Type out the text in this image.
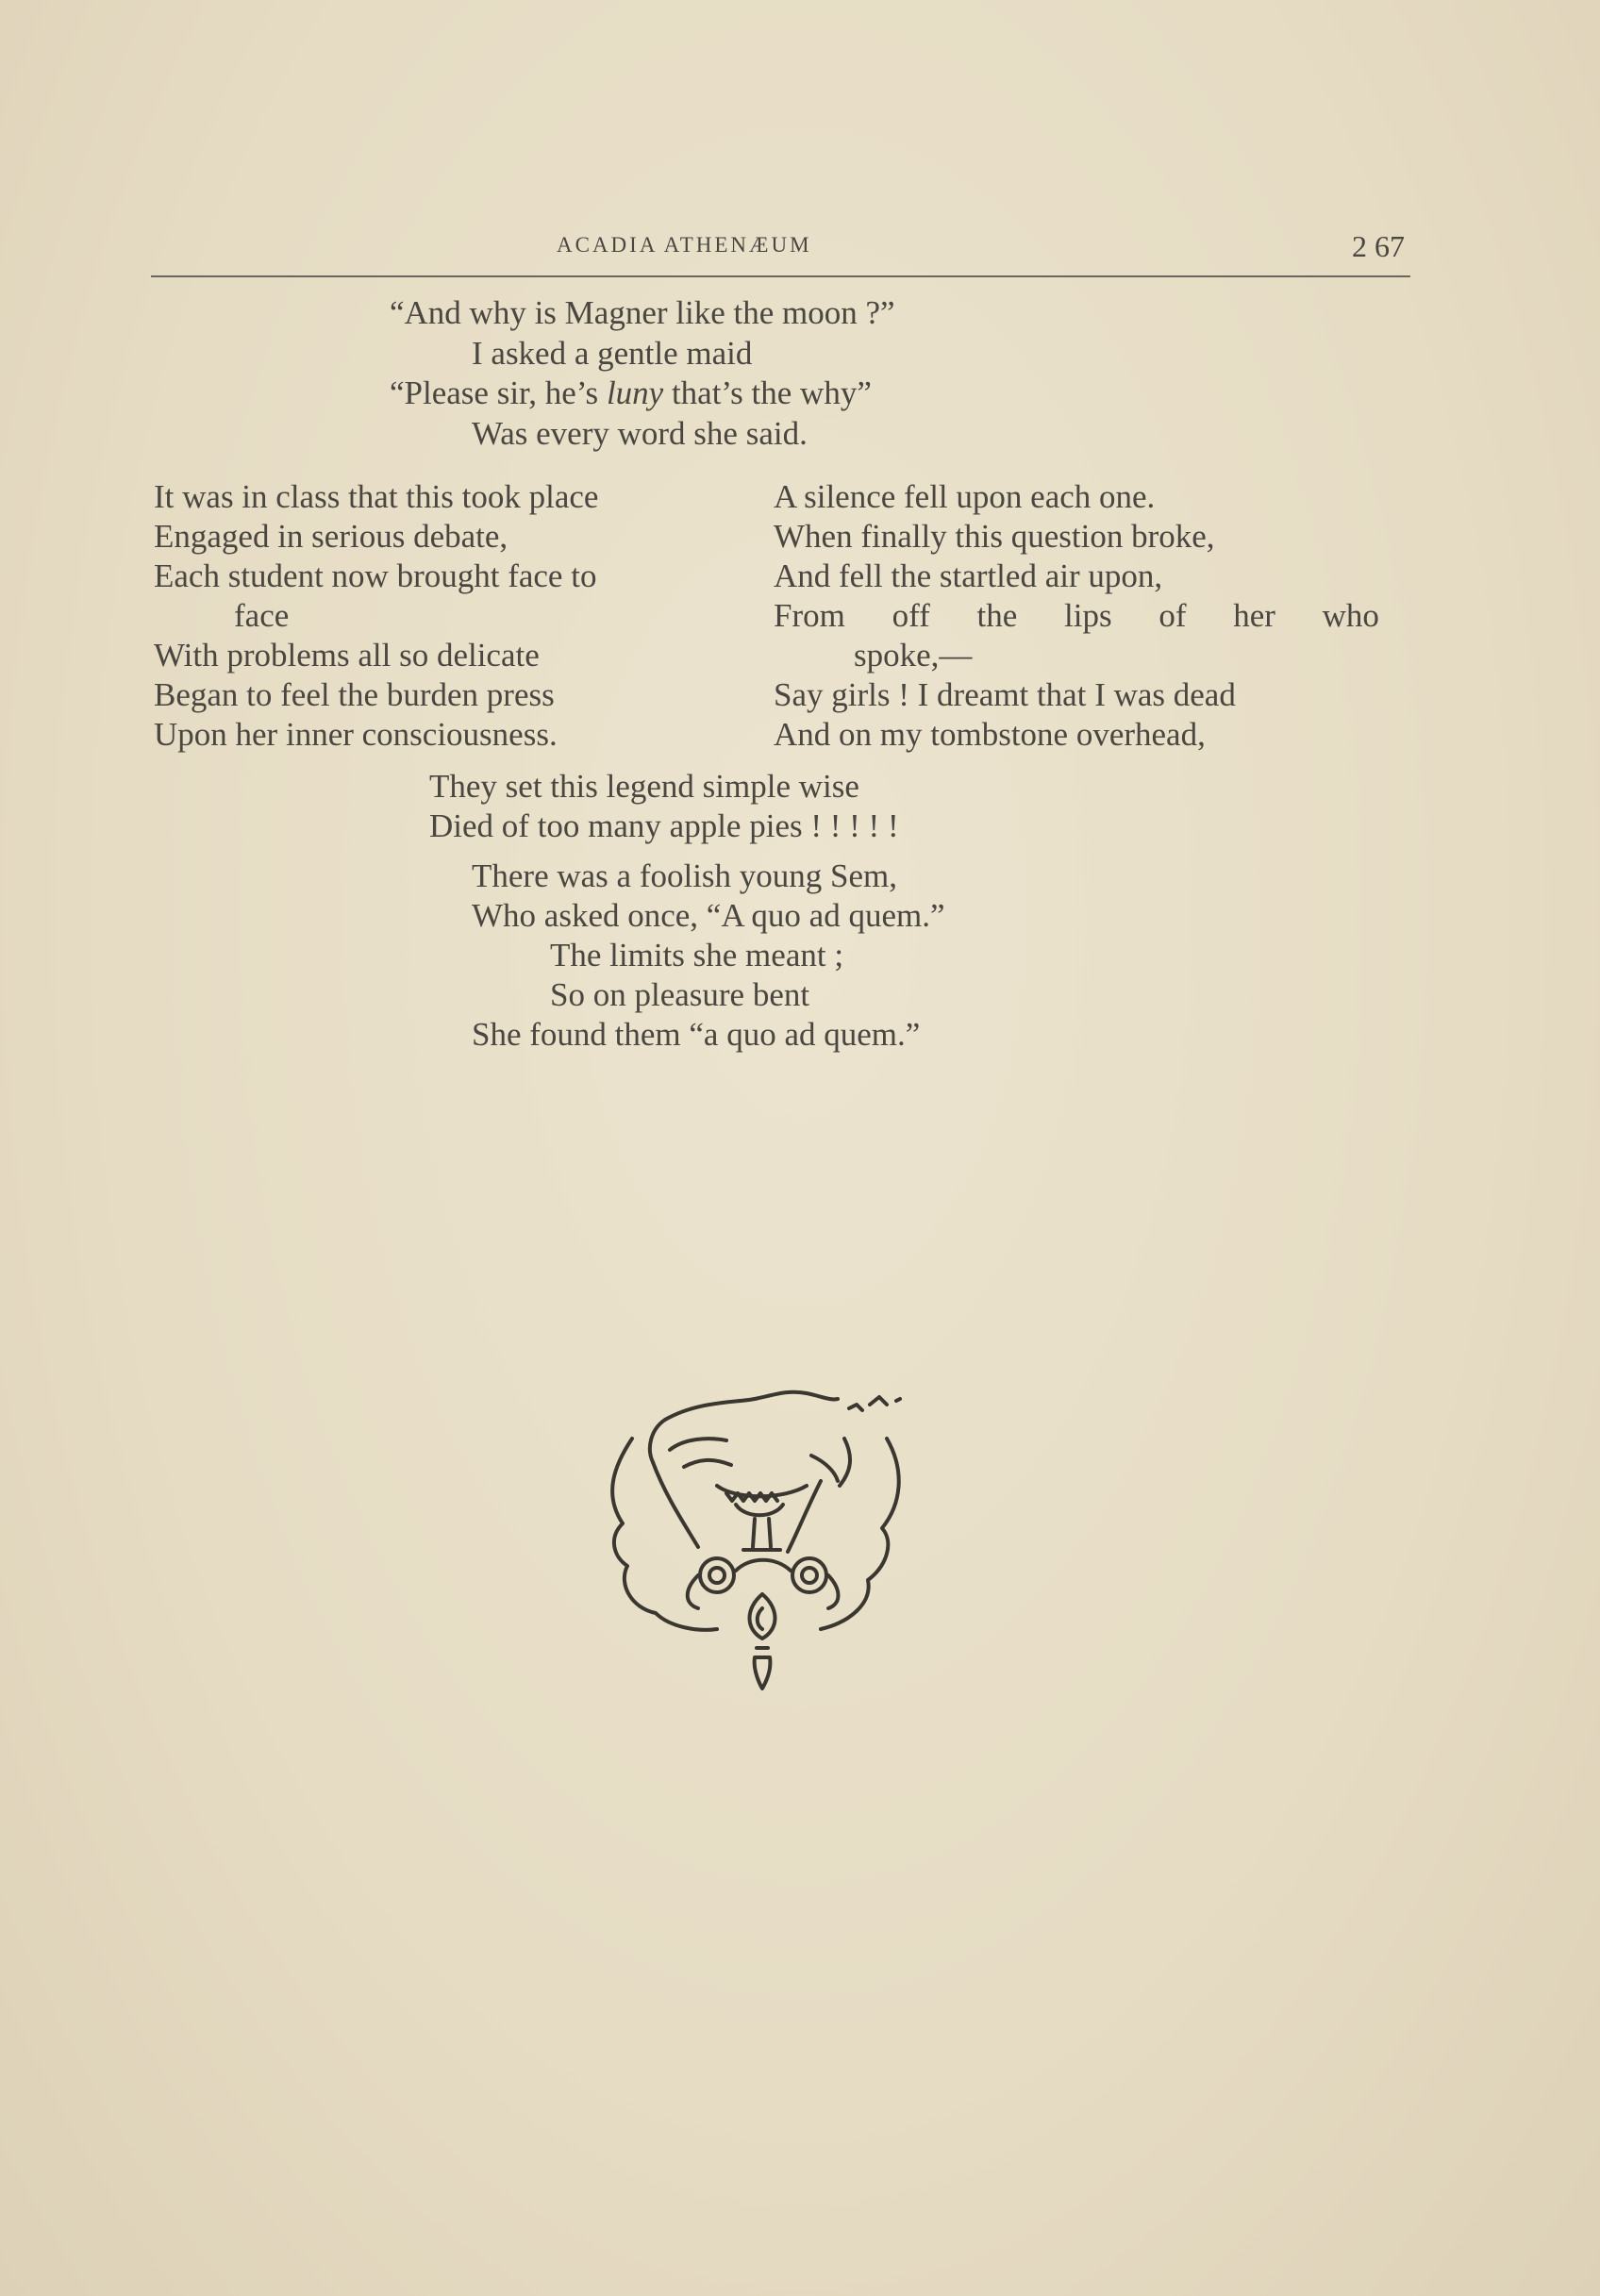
ACADIA ATHENÆUM	2 67
“And why is Magner like the moon ?”
I asked a gentle maid
“Please sir, he’s luny that’s the why”
Was every word she said.
It was in class that this took place
Engaged in serious debate,
Each student now brought face to
face
With problems all so delicate
Began to feel the burden press
Upon her inner consciousness.
A silence fell upon each one.
When finally this question broke,
And fell the startled air upon,
From off the lips of her who
spoke,—
Say girls ! I dreamt that I was dead
And on my tombstone overhead,
They set this legend simple wise
Died of too many apple pies ! ! ! ! !
There was a foolish young Sem,
Who asked once, “A quo ad quem.”
The limits she meant ;
So on pleasure bent
She found them “a quo ad quem.”
